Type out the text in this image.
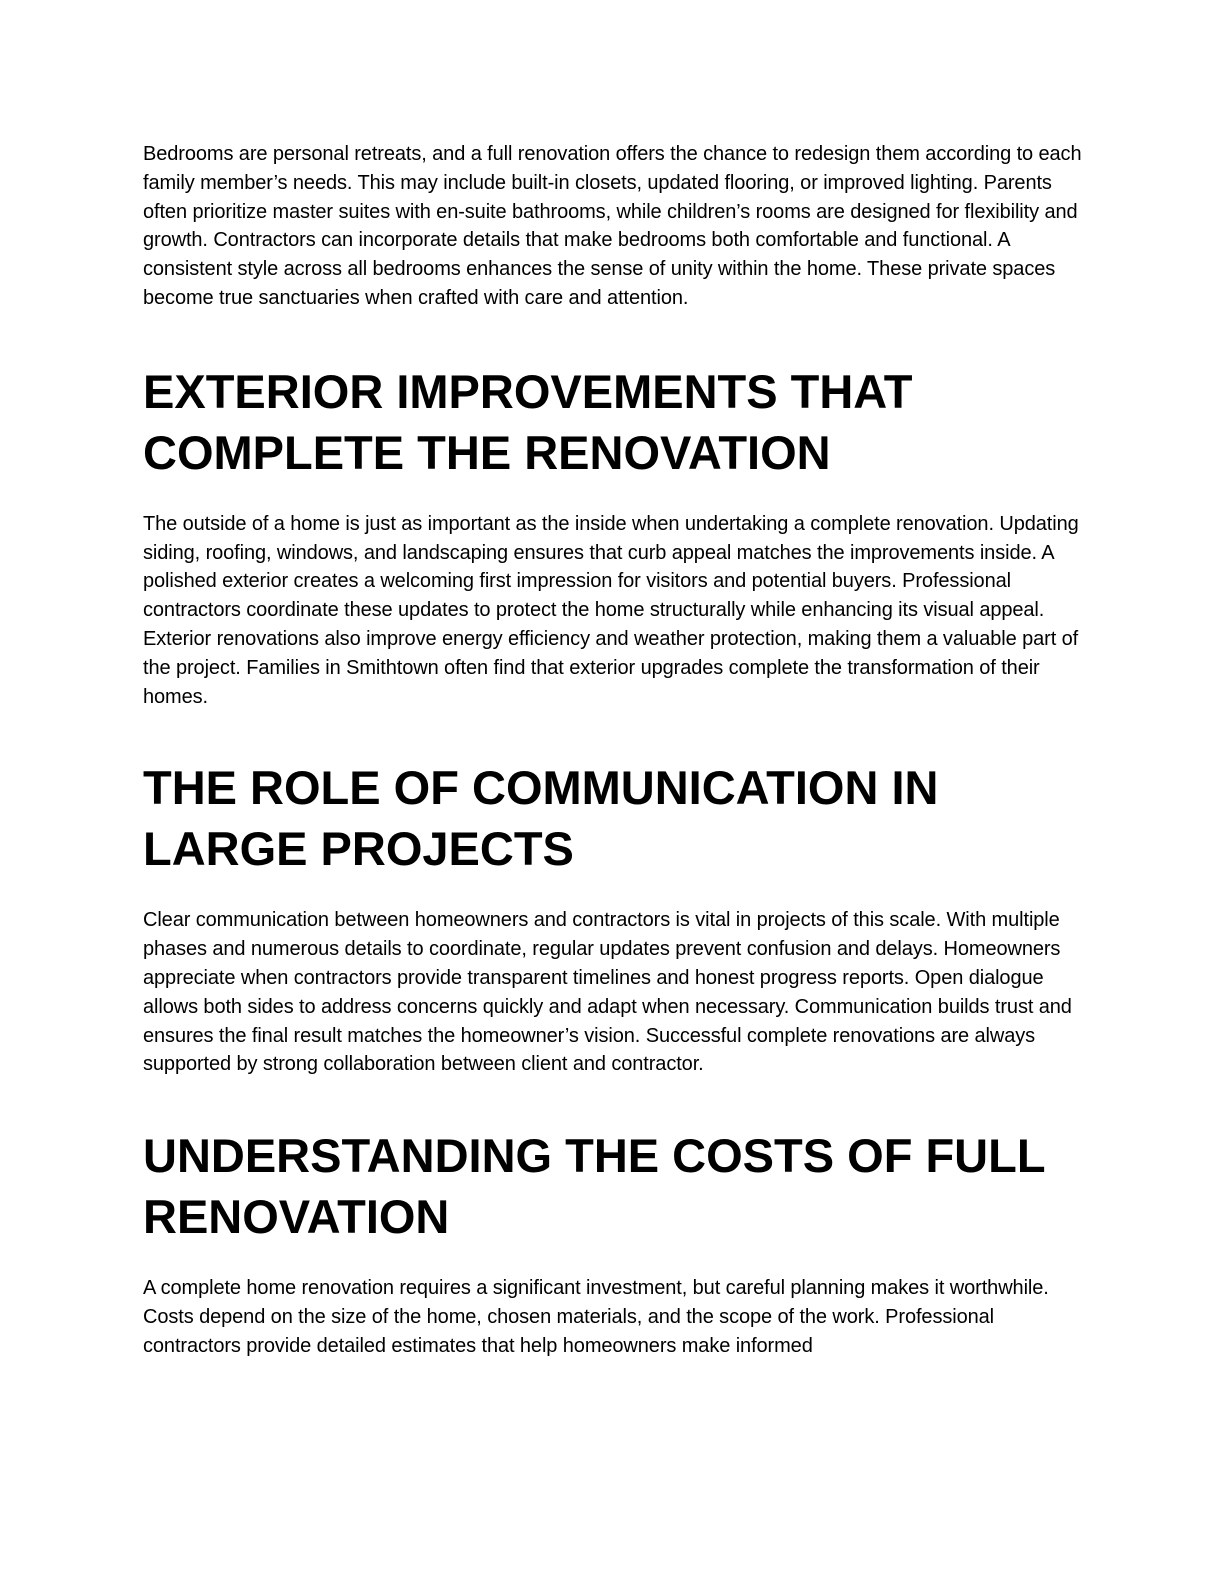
Bedrooms are personal retreats, and a full renovation offers the chance to redesign them according to each family member’s needs. This may include built-in closets, updated flooring, or improved lighting. Parents often prioritize master suites with en-suite bathrooms, while children’s rooms are designed for flexibility and growth. Contractors can incorporate details that make bedrooms both comfortable and functional. A consistent style across all bedrooms enhances the sense of unity within the home. These private spaces become true sanctuaries when crafted with care and attention.

EXTERIOR IMPROVEMENTS THAT COMPLETE THE RENOVATION

The outside of a home is just as important as the inside when undertaking a complete renovation. Updating siding, roofing, windows, and landscaping ensures that curb appeal matches the improvements inside. A polished exterior creates a welcoming first impression for visitors and potential buyers. Professional contractors coordinate these updates to protect the home structurally while enhancing its visual appeal. Exterior renovations also improve energy efficiency and weather protection, making them a valuable part of the project. Families in Smithtown often find that exterior upgrades complete the transformation of their homes.

THE ROLE OF COMMUNICATION IN LARGE PROJECTS

Clear communication between homeowners and contractors is vital in projects of this scale. With multiple phases and numerous details to coordinate, regular updates prevent confusion and delays. Homeowners appreciate when contractors provide transparent timelines and honest progress reports. Open dialogue allows both sides to address concerns quickly and adapt when necessary. Communication builds trust and ensures the final result matches the homeowner’s vision. Successful complete renovations are always supported by strong collaboration between client and contractor.

UNDERSTANDING THE COSTS OF FULL RENOVATION

A complete home renovation requires a significant investment, but careful planning makes it worthwhile. Costs depend on the size of the home, chosen materials, and the scope of the work. Professional contractors provide detailed estimates that help homeowners make informed
